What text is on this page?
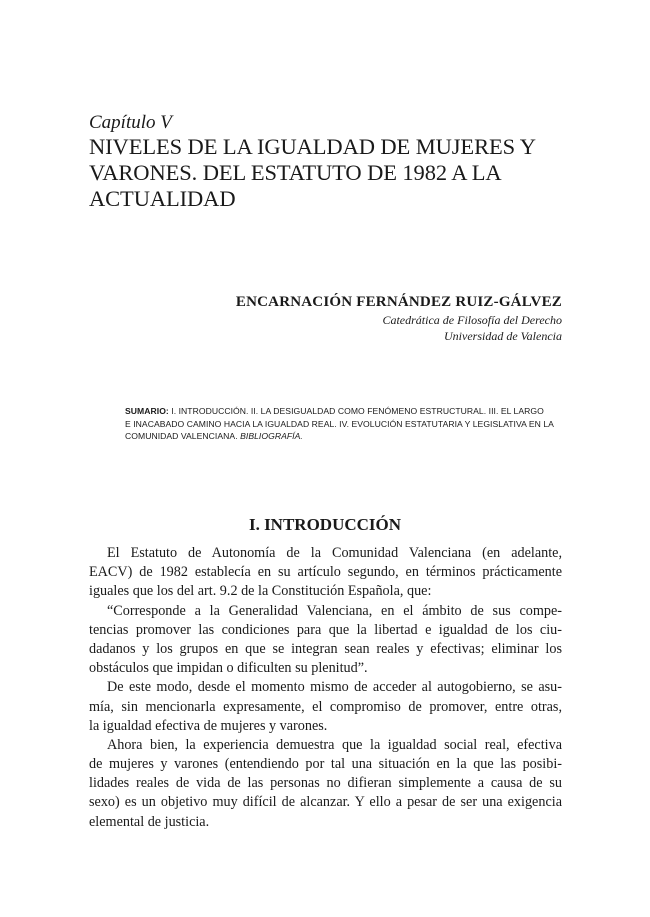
Capítulo V
NIVELES DE LA IGUALDAD DE MUJERES Y
VARONES. DEL ESTATUTO DE 1982 A LA
ACTUALIDAD
ENCARNACIÓN FERNÁNDEZ RUIZ-GÁLVEZ
Catedrática de Filosofía del Derecho
Universidad de Valencia
SUMARIO: I. INTRODUCCIÓN. II. LA DESIGUALDAD COMO FENÓMENO ESTRUCTURAL. III. EL LARGO
E INACABADO CAMINO HACIA LA IGUALDAD REAL. IV. EVOLUCIÓN ESTATUTARIA Y LEGISLATIVA EN LA
COMUNIDAD VALENCIANA. BIBLIOGRAFÍA.
I. INTRODUCCIÓN
El Estatuto de Autonomía de la Comunidad Valenciana (en adelante,
EACV) de 1982 establecía en su artículo segundo, en términos prácticamente
iguales que los del art. 9.2 de la Constitución Española, que:
“Corresponde a la Generalidad Valenciana, en el ámbito de sus compe-
tencias promover las condiciones para que la libertad e igualdad de los ciu-
dadanos y los grupos en que se integran sean reales y efectivas; eliminar los
obstáculos que impidan o dificulten su plenitud”.
De este modo, desde el momento mismo de acceder al autogobierno, se asu-
mía, sin mencionarla expresamente, el compromiso de promover, entre otras,
la igualdad efectiva de mujeres y varones.
Ahora bien, la experiencia demuestra que la igualdad social real, efectiva
de mujeres y varones (entendiendo por tal una situación en la que las posibi-
lidades reales de vida de las personas no difieran simplemente a causa de su
sexo) es un objetivo muy difícil de alcanzar. Y ello a pesar de ser una exigencia
elemental de justicia.
